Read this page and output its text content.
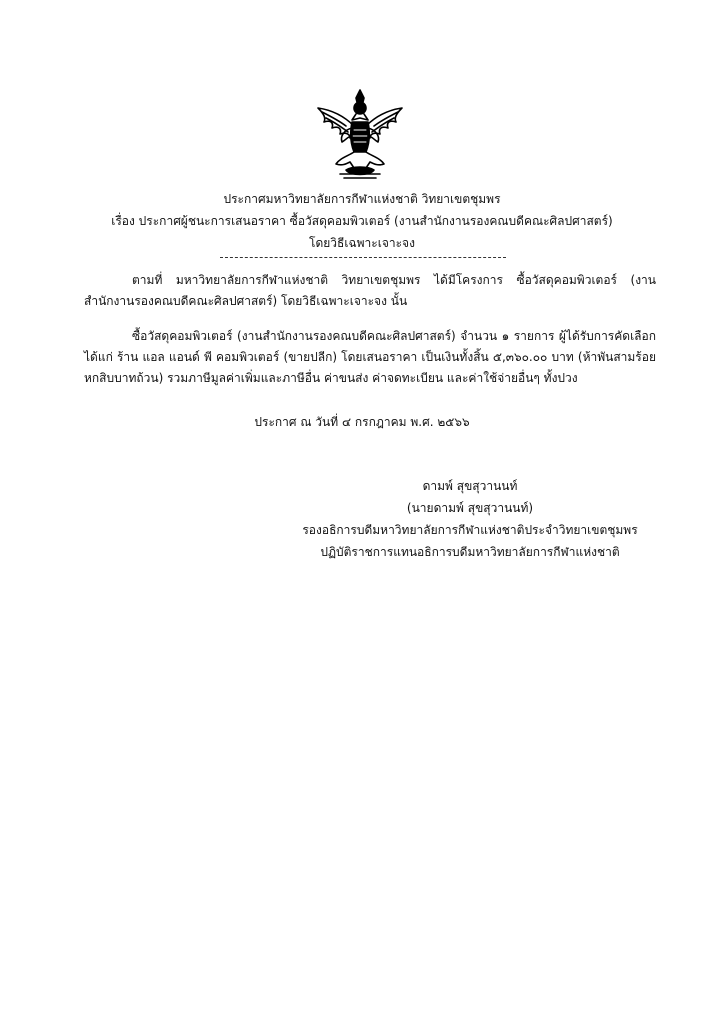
ประกาศมหาวิทยาลัยการกีฬาแห่งชาติ วิทยาเขตชุมพร
เรื่อง ประกาศผู้ชนะการเสนอราคา ซื้อวัสดุคอมพิวเตอร์ (งานสำนักงานรองคณบดีคณะศิลปศาสตร์)
โดยวิธีเฉพาะเจาะจง
ตามที่ มหาวิทยาลัยการกีฬาแห่งชาติ วิทยาเขตชุมพร ได้มีโครงการ ซื้อวัสดุคอมพิวเตอร์ (งานสำนักงานรองคณบดีคณะศิลปศาสตร์) โดยวิธีเฉพาะเจาะจง นั้น
ซื้อวัสดุคอมพิวเตอร์ (งานสำนักงานรองคณบดีคณะศิลปศาสตร์) จำนวน ๑ รายการ ผู้ได้รับการคัดเลือก ได้แก่ ร้าน แอล แอนด์ พี คอมพิวเตอร์ (ขายปลีก) โดยเสนอราคา เป็นเงินทั้งสิ้น ๕,๓๖๐.๐๐ บาท (ห้าพันสามร้อยหกสิบบาทถ้วน) รวมภาษีมูลค่าเพิ่มและภาษีอื่น ค่าขนส่ง ค่าจดทะเบียน และค่าใช้จ่ายอื่นๆ ทั้งปวง
ประกาศ ณ วันที่ ๔ กรกฎาคม พ.ศ. ๒๕๖๖
ดามพ์ สุขสุวานนท์
(นายดามพ์ สุขสุวานนท์)
รองอธิการบดีมหาวิทยาลัยการกีฬาแห่งชาติประจำวิทยาเขตชุมพร
ปฏิบัติราชการแทนอธิการบดีมหาวิทยาลัยการกีฬาแห่งชาติ
